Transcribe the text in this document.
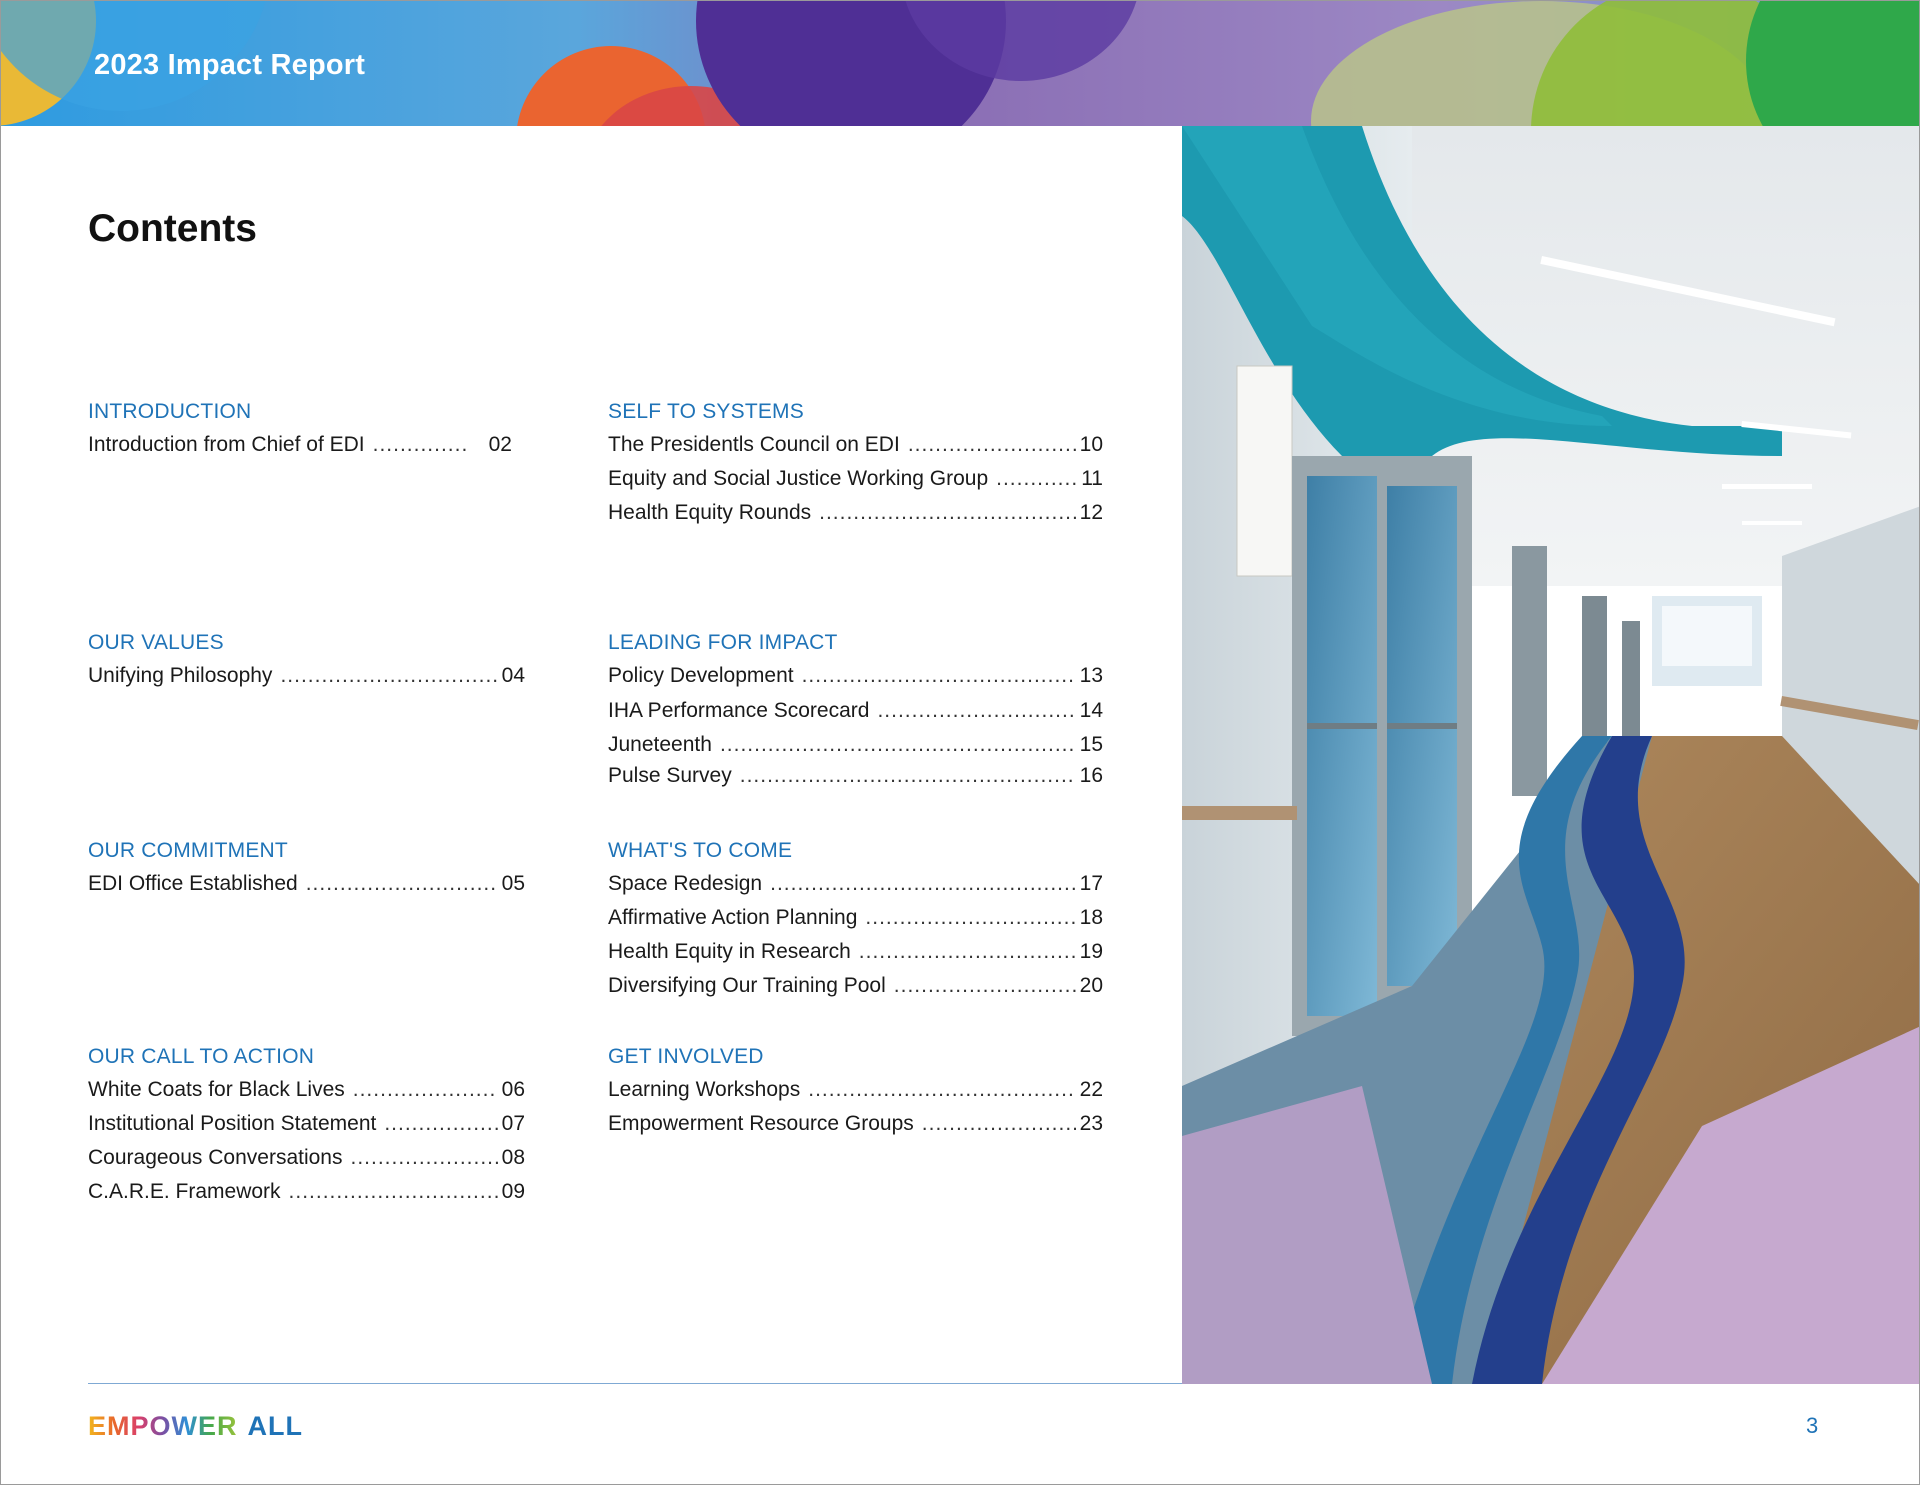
2023 Impact Report
Contents
INTRODUCTION
Introduction from Chief of EDI .....	02
OUR VALUES
Unifying Philosophy .....	04
OUR COMMITMENT
EDI Office Established .....	05
OUR CALL TO ACTION
White Coats for Black Lives .....	06
Institutional Position Statement .....	07
Courageous Conversations .....	08
C.A.R.E. Framework .....	09
SELF TO SYSTEMS
The Presidentls Council on EDI .....	10
Equity and Social Justice Working Group .....	11
Health Equity Rounds .....	12
LEADING FOR IMPACT
Policy Development .....	13
IHA Performance Scorecard .....	14
Juneteenth .....	15
Pulse Survey .....	16
WHAT'S TO COME
Space Redesign .....	17
Affirmative Action Planning .....	18
Health Equity in Research .....	19
Diversifying Our Training Pool .....	20
GET INVOLVED
Learning Workshops .....	22
Empowerment Resource Groups .....	23
EMPOWER ALL	3
